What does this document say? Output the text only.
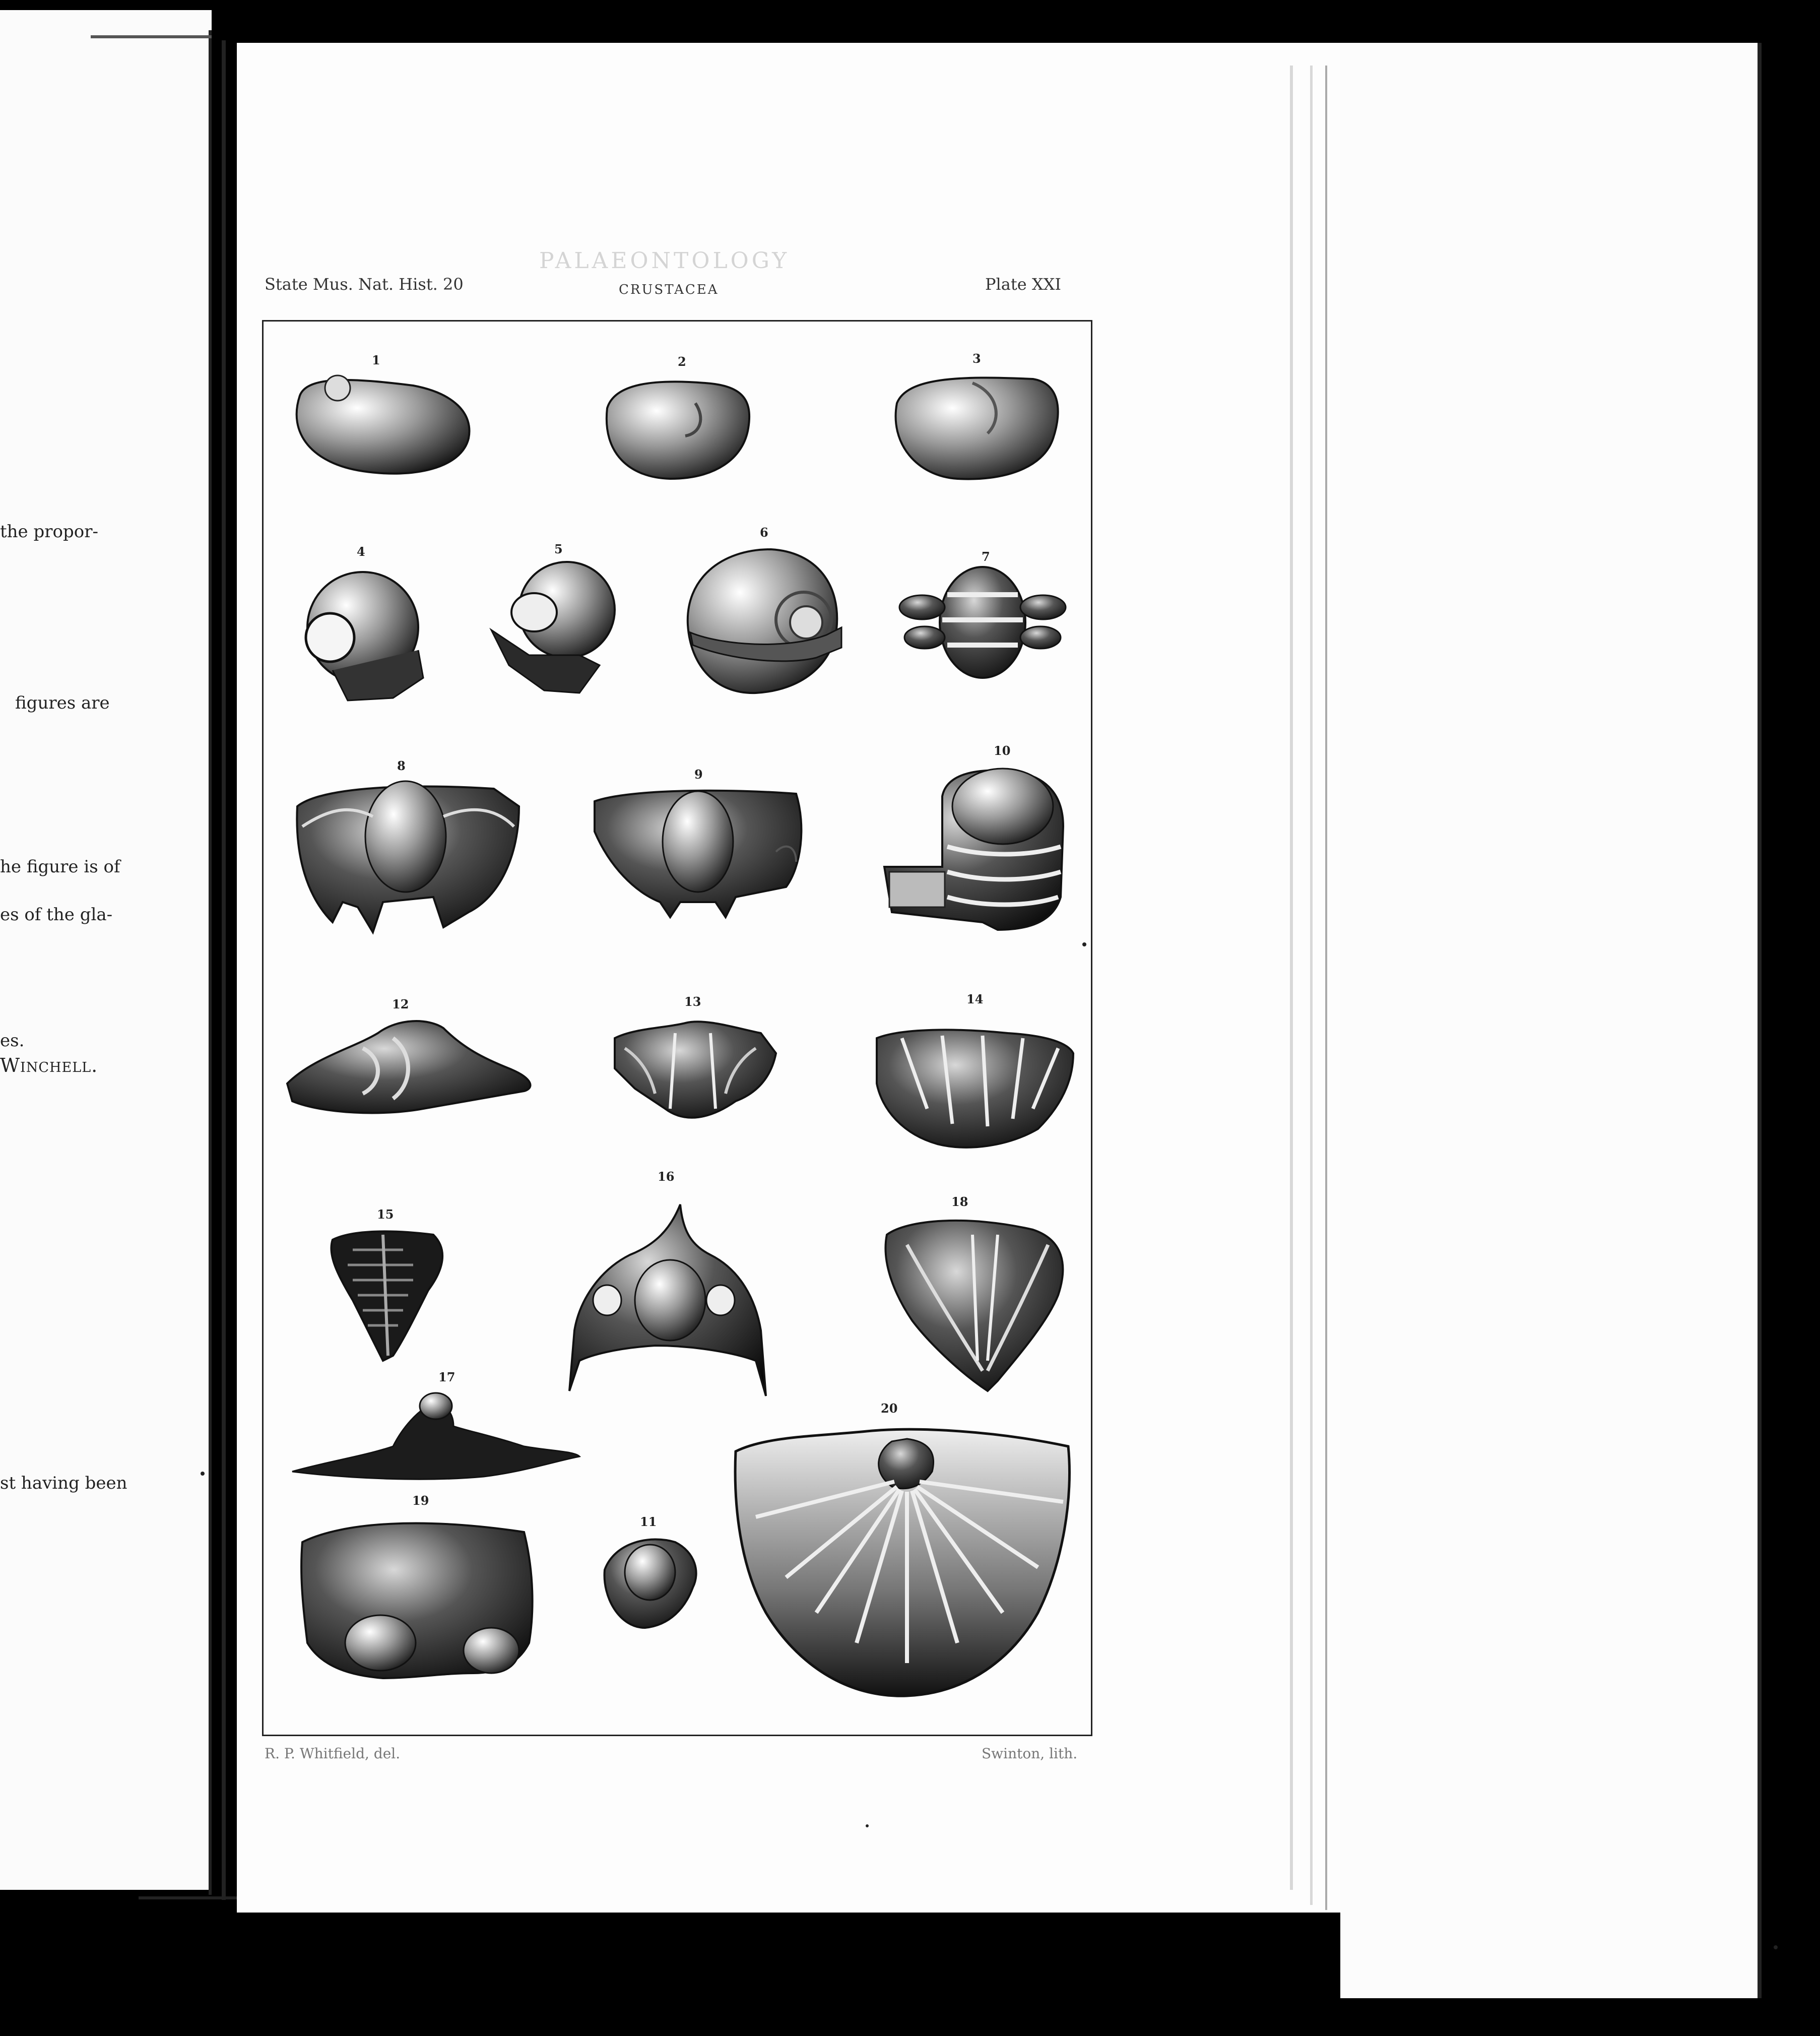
the propor-
figures are
he figure is of
es of the gla-
es.
Winchell.
st having been
State Mus. Nat. Hist. 20
PALAEONTOLOGY
CRUSTACEA	Plate XXI
1	2	3
4	5
6
7
8
9
10
12	13	14
15
16
18
17
20
19
11
R. P. Whitfield, del.	Swinton, lith.
